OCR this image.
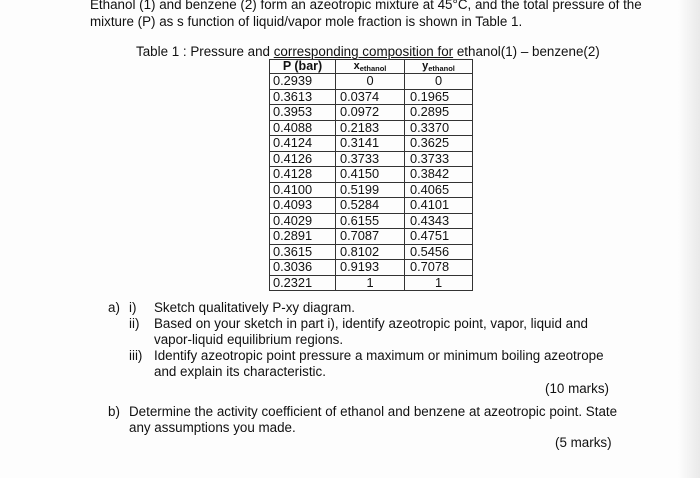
Ethanol (1) and benzene (2) form an azeotropic mixture at 45°C, and the total pressure of the mixture (P) as s function of liquid/vapor mole fraction is shown in Table 1.
Table 1 : Pressure and corresponding composition for ethanol(1) – benzene(2)
P (bar)	xethanol	yethanol
0.2939	0	0
0.3613	0.0374	0.1965
0.3953	0.0972	0.2895
0.4088	0.2183	0.3370
0.4124	0.3141	0.3625
0.4126	0.3733	0.3733
0.4128	0.4150	0.3842
0.4100	0.5199	0.4065
0.4093	0.5284	0.4101
0.4029	0.6155	0.4343
0.2891	0.7087	0.4751
0.3615	0.8102	0.5456
0.3036	0.9193	0.7078
0.2321	1	1
a) i) Sketch qualitatively P-xy diagram.
ii) Based on your sketch in part i), identify azeotropic point, vapor, liquid and vapor-liquid equilibrium regions.
iii) Identify azeotropic point pressure a maximum or minimum boiling azeotrope and explain its characteristic.
(10 marks)
b) Determine the activity coefficient of ethanol and benzene at azeotropic point. State any assumptions you made.
(5 marks)
